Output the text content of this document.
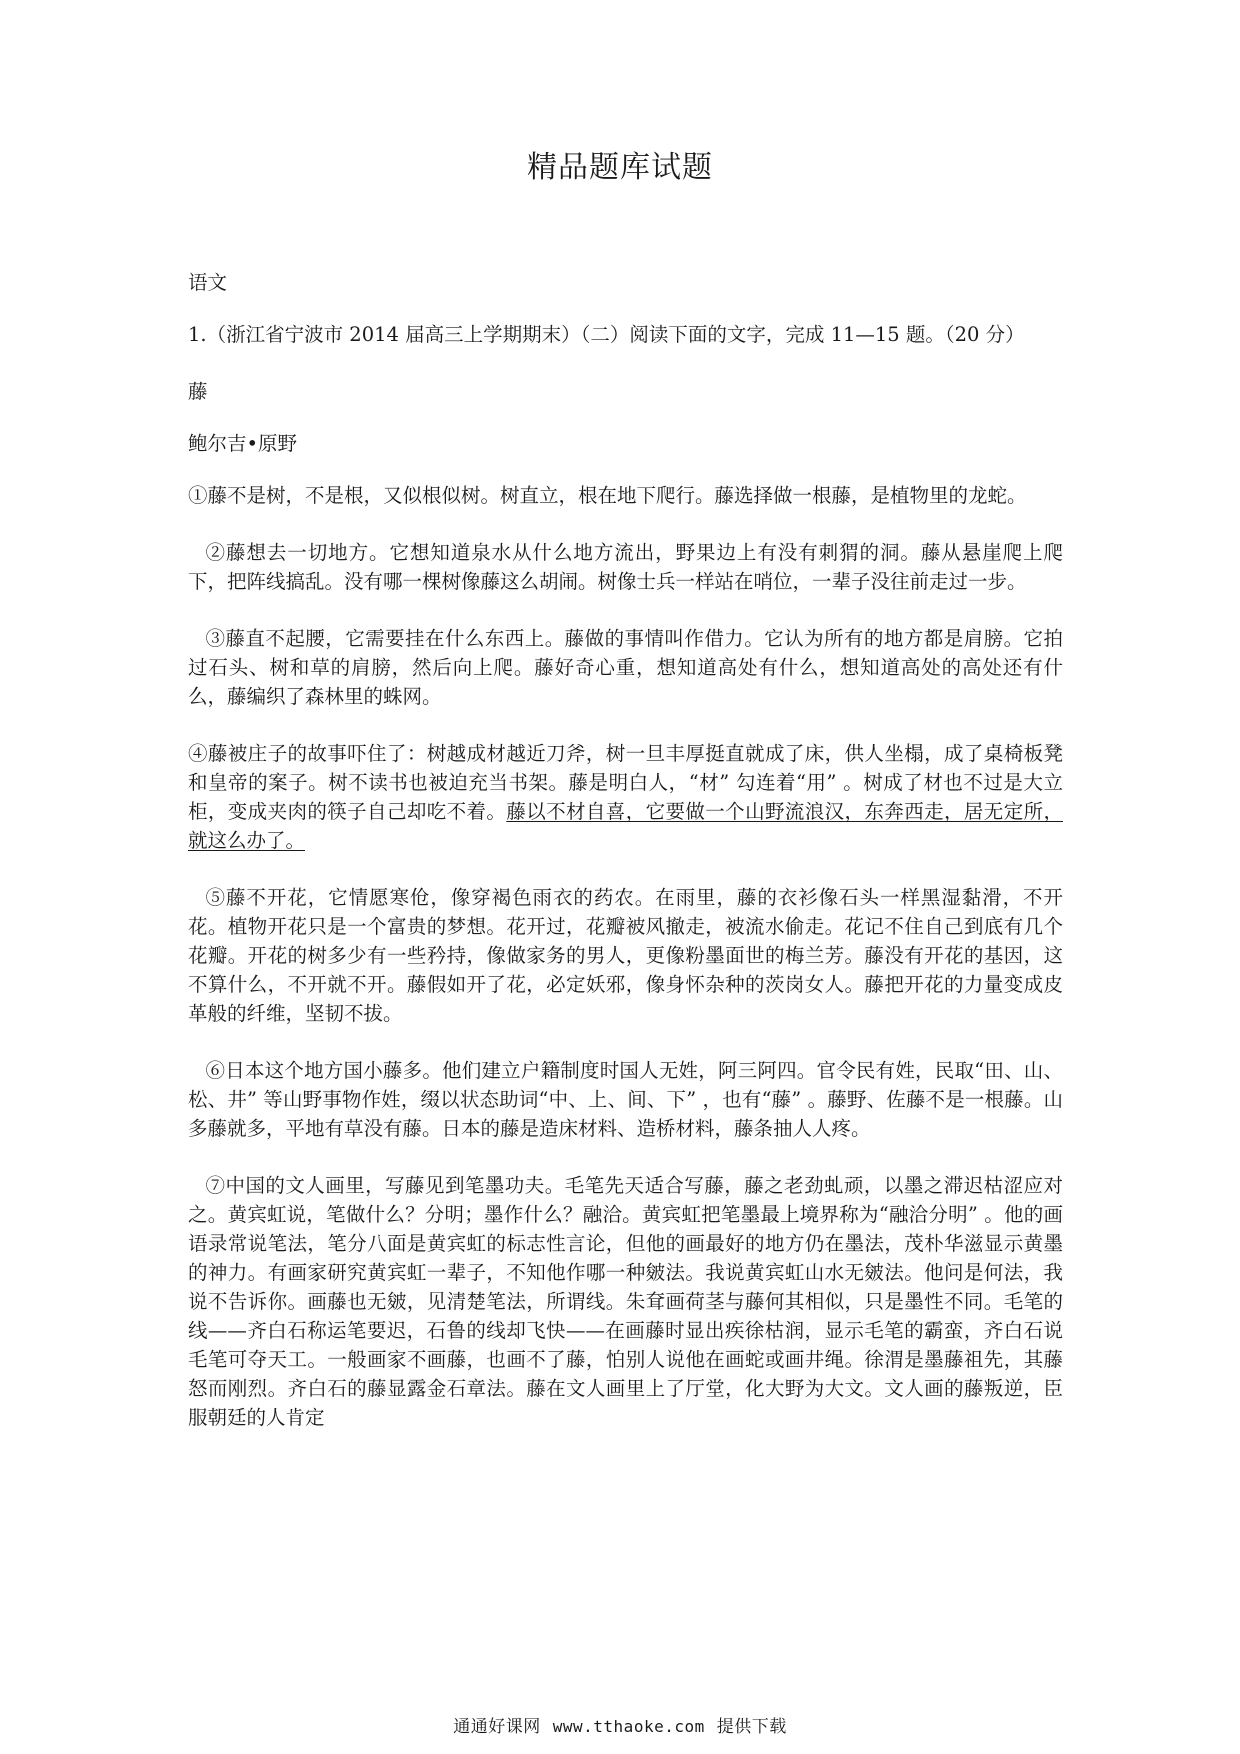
精品题库试题

语文

1.（浙江省宁波市 2014 届高三上学期期末）（二）阅读下面的文字，完成 11—15 题。（20 分）

藤

鲍尔吉•原野

①藤不是树，不是根，又似根似树。树直立，根在地下爬行。藤选择做一根藤，是植物里的龙蛇。

②藤想去一切地方。它想知道泉水从什么地方流出，野果边上有没有刺猬的洞。藤从悬崖爬上爬下，把阵线搞乱。没有哪一棵树像藤这么胡闹。树像士兵一样站在哨位，一辈子没往前走过一步。

③藤直不起腰，它需要挂在什么东西上。藤做的事情叫作借力。它认为所有的地方都是肩膀。它拍过石头、树和草的肩膀，然后向上爬。藤好奇心重，想知道高处有什么，想知道高处的高处还有什么，藤编织了森林里的蛛网。

④藤被庄子的故事吓住了：树越成材越近刀斧，树一旦丰厚挺直就成了床，供人坐榻，成了桌椅板凳和皇帝的案子。树不读书也被迫充当书架。藤是明白人，“材” 勾连着“用” 。树成了材也不过是大立柜，变成夹肉的筷子自己却吃不着。藤以不材自喜，它要做一个山野流浪汉，东奔西走，居无定所，就这么办了。

⑤藤不开花，它情愿寒伧，像穿褐色雨衣的药农。在雨里，藤的衣衫像石头一样黑湿黏滑，不开花。植物开花只是一个富贵的梦想。花开过，花瓣被风撤走，被流水偷走。花记不住自己到底有几个花瓣。开花的树多少有一些矜持，像做家务的男人，更像粉墨面世的梅兰芳。藤没有开花的基因，这不算什么，不开就不开。藤假如开了花，必定妖邪，像身怀杂种的茨岗女人。藤把开花的力量变成皮革般的纤维，坚韧不拔。

⑥日本这个地方国小藤多。他们建立户籍制度时国人无姓，阿三阿四。官令民有姓，民取“田、山、松、井” 等山野事物作姓，缀以状态助词“中、上、间、下” ，也有“藤” 。藤野、佐藤不是一根藤。山多藤就多，平地有草没有藤。日本的藤是造床材料、造桥材料，藤条抽人人疼。

⑦中国的文人画里，写藤见到笔墨功夫。毛笔先天适合写藤，藤之老劲虬顽，以墨之滞迟枯涩应对之。黄宾虹说，笔做什么？分明；墨作什么？融洽。黄宾虹把笔墨最上境界称为“融洽分明” 。他的画语录常说笔法，笔分八面是黄宾虹的标志性言论，但他的画最好的地方仍在墨法，茂朴华滋显示黄墨的神力。有画家研究黄宾虹一辈子，不知他作哪一种皴法。我说黄宾虹山水无皴法。他问是何法，我说不告诉你。画藤也无皴，见清楚笔法，所谓线。朱耷画荷茎与藤何其相似，只是墨性不同。毛笔的线——齐白石称运笔要迟，石鲁的线却飞快——在画藤时显出疾徐枯润，显示毛笔的霸蛮，齐白石说毛笔可夺天工。一般画家不画藤，也画不了藤，怕别人说他在画蛇或画井绳。徐渭是墨藤祖先，其藤怒而刚烈。齐白石的藤显露金石章法。藤在文人画里上了厅堂，化大野为大文。文人画的藤叛逆，臣服朝廷的人肯定

通通好课网 www.tthaoke.com 提供下载
